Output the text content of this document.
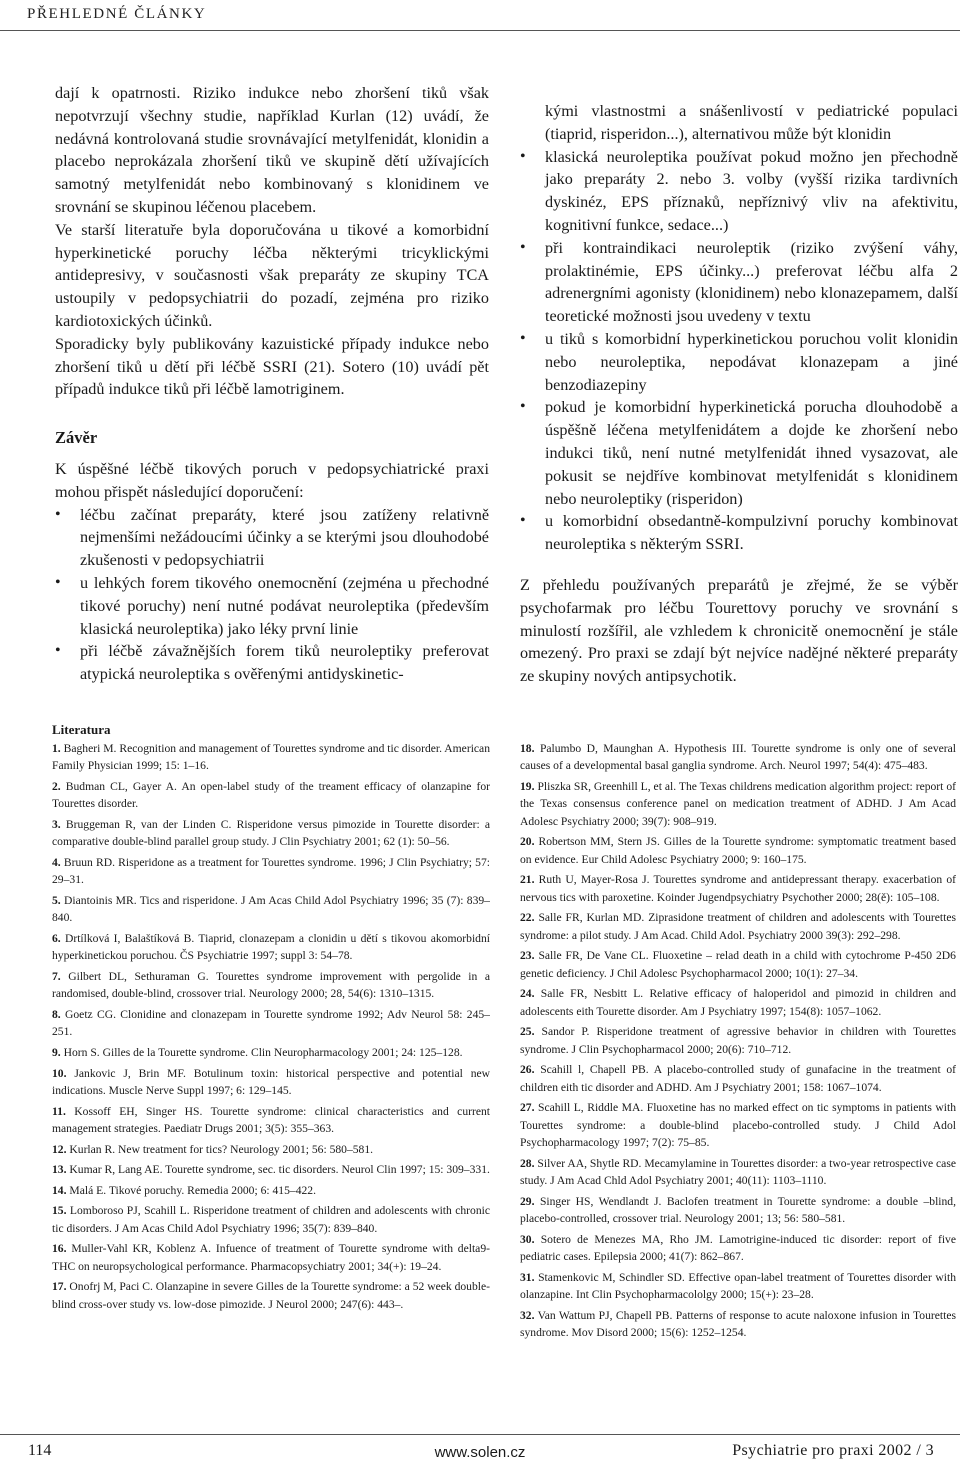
PŘEHLEDNÉ ČLÁNKY

dají k opatrnosti. Riziko indukce nebo zhoršení tiků však nepotvrzují všechny studie, například Kurlan (12) uvádí, že nedávná kontrolovaná studie srovnávající metylfenidát, klonidin a placebo neprokázala zhoršení tiků ve skupině dětí užívajících samotný metylfenidát nebo kombinovaný s klonidinem ve srovnání se skupinou léčenou placebem.

Ve starší literatuře byla doporučována u tikové a komorbidní hyperkinetické poruchy léčba některými tricyklickými antidepresivy, v současnosti však preparáty ze skupiny TCA ustoupily v pedopsychiatrii do pozadí, zejména pro riziko kardiotoxických účinků.

Sporadicky byly publikovány kazuistické případy indukce nebo zhoršení tiků u dětí při léčbě SSRI (21). Sotero (10) uvádí pět případů indukce tiků při léčbě lamotriginem.

Závěr

K úspěšné léčbě tikových poruch v pedopsychiatrické praxi mohou přispět následující doporučení:

• léčbu začínat preparáty, které jsou zatíženy relativně nejmenšími nežádoucími účinky a se kterými jsou dlouhodobé zkušenosti v pedopsychiatrii
• u lehkých forem tikového onemocnění (zejména u přechodné tikové poruchy) není nutné podávat neuroleptika (především klasická neuroleptika) jako léky první linie
• při léčbě závažnějších forem tiků neuroleptiky preferovat atypická neuroleptika s ověřenými antidyskinetic-

kými vlastnostmi a snášenlivostí v pediatrické populaci (tiaprid, risperidon...), alternativou může být klonidin

• klasická neuroleptika používat pokud možno jen přechodně jako preparáty 2. nebo 3. volby (vyšší rizika tardivních dyskinéz, EPS příznaků, nepříznivý vliv na afektivitu, kognitivní funkce, sedace...)
• při kontraindikaci neuroleptik (riziko zvýšení váhy, prolaktinémie, EPS účinky...) preferovat léčbu alfa 2 adrenergními agonisty (klonidinem) nebo klonazepamem, další teoretické možnosti jsou uvedeny v textu
• u tiků s komorbidní hyperkinetickou poruchou volit klonidin nebo neuroleptika, nepodávat klonazepam a jiné benzodiazepiny
• pokud je komorbidní hyperkinetická porucha dlouhodobě a úspěšně léčena metylfenidátem a dojde ke zhoršení nebo indukci tiků, není nutné metylfenidát ihned vysazovat, ale pokusit se nejdříve kombinovat metylfenidát s klonidinem nebo neuroleptiky (risperidon)
• u komorbidní obsedantně-kompulzivní poruchy kombinovat neuroleptika s některým SSRI.

Z přehledu používaných preparátů je zřejmé, že se výběr psychofarmak pro léčbu Tourettovy poruchy ve srovnání s minulostí rozšířil, ale vzhledem k chronicitě onemocnění je stále omezený. Pro praxi se zdají být nejvíce nadějné některé preparáty ze skupiny nových antipsychotik.

Literatura

1. Bagheri M. Recognition and management of Tourettes syndrome and tic disorder. American Family Physician 1999; 15: 1–16.

2. Budman CL, Gayer A. An open-label study of the treament efficacy of olanzapine for Tourettes disorder.

3. Bruggeman R, van der Linden C. Risperidone versus pimozide in Tourette disorder: a comparative double-blind parallel group study. J Clin Psychiatry 2001; 62 (1): 50–56.

4. Bruun RD. Risperidone as a treatment for Tourettes syndrome. 1996; J Clin Psychiatry; 57: 29–31.

5. Diantoinis MR. Tics and risperidone. J Am Acas Child Adol Psychiatry 1996; 35 (7): 839–840.

6. Drtílková I, Balaštíková B. Tiaprid, clonazepam a clonidin u dětí s tikovou akomorbidní hyperkinetickou poruchou. ČS Psychiatrie 1997; suppl 3: 54–78.

7. Gilbert DL, Sethuraman G. Tourettes syndrome improvement with pergolide in a randomised, double-blind, crossover trial. Neurology 2000; 28, 54(6): 1310–1315.

8. Goetz CG. Clonidine and clonazepam in Tourette syndrome 1992; Adv Neurol 58: 245–251.

9. Horn S. Gilles de la Tourette syndrome. Clin Neuropharmacology 2001; 24: 125–128.

10. Jankovic J, Brin MF. Botulinum toxin: historical perspective and potential new indications. Muscle Nerve Suppl 1997; 6: 129–145.

11. Kossoff EH, Singer HS. Tourette syndrome: clinical characteristics and current management strategies. Paediatr Drugs 2001; 3(5): 355–363.

12. Kurlan R. New treatment for tics? Neurology 2001; 56: 580–581.

13. Kumar R, Lang AE. Tourette syndrome, sec. tic disorders. Neurol Clin 1997; 15: 309–331.

14. Malá E. Tikové poruchy. Remedia 2000; 6: 415–422.

15. Lomboroso PJ, Scahill L. Risperidone treatment of children and adolescents with chronic tic disorders. J Am Acas Child Adol Psychiatry 1996; 35(7): 839–840.

16. Muller-Vahl KR, Koblenz A. Infuence of treatment of Tourette syndrome with delta9-THC on neuropsychological performance. Pharmacopsychiatry 2001; 34(+): 19–24.

17. Onofrj M, Paci C. Olanzapine in severe Gilles de la Tourette syndrome: a 52 week double-blind cross-over study vs. low-dose pimozide. J Neurol 2000; 247(6): 443–.

18. Palumbo D, Maunghan A. Hypothesis III. Tourette syndrome is only one of several causes of a developmental basal ganglia syndrome. Arch. Neurol 1997; 54(4): 475–483.

19. Pliszka SR, Greenhill L, et al. The Texas childrens medication algorithm project: report of the Texas consensus conference panel on medication treatment of ADHD. J Am Acad Adolesc Psychiatry 2000; 39(7): 908–919.

20. Robertson MM, Stern JS. Gilles de la Tourette syndrome: symptomatic treatment based on evidence. Eur Child Adolesc Psychiatry 2000; 9: 160–175.

21. Ruth U, Mayer-Rosa J. Tourettes syndrome and antidepressant therapy. exacerbation of nervous tics with paroxetine. Koinder Jugendpsychiatry Psychother 2000; 28(ě): 105–108.

22. Salle FR, Kurlan MD. Ziprasidone treatment of children and adolescents with Tourettes syndrome: a pilot study. J Am Acad. Child Adol. Psychiatry 2000 39(3): 292–298.

23. Salle FR, De Vane CL. Fluoxetine – relad death in a child with cytochrome P-450 2D6 genetic deficiency. J Chil Adolesc Psychopharmacol 2000; 10(1): 27–34.

24. Salle FR, Nesbitt L. Relative efficacy of haloperidol and pimozid in children and adolescents eith Tourette disorder. Am J Psychiatry 1997; 154(8): 1057–1062.

25. Sandor P. Risperidone treatment of agressive behavior in children with Tourettes syndrome. J Clin Psychopharmacol 2000; 20(6): 710–712.

26. Scahill l, Chapell PB. A placebo-controlled study of gunafacine in the treatment of children eith tic disorder and ADHD. Am J Psychiatry 2001; 158: 1067–1074.

27. Scahill L, Riddle MA. Fluoxetine has no marked effect on tic symptoms in patients with Tourettes syndrome: a double-blind placebo-controlled study. J Child Adol Psychopharmacology 1997; 7(2): 75–85.

28. Silver AA, Shytle RD. Mecamylamine in Tourettes disorder: a two-year retrospective case study. J Am Acad Chld Adol Psychiatry 2001; 40(11): 1103–1110.

29. Singer HS, Wendlandt J. Baclofen treatment in Tourette syndrome: a double –blind, placebo-controlled, crossover trial. Neurology 2001; 13; 56: 580–581.

30. Sotero de Menezes MA, Rho JM. Lamotrigine-induced tic disorder: report of five pediatric cases. Epilepsia 2000; 41(7): 862–867.

31. Stamenkovic M, Schindler SD. Effective opan-label treatment of Tourettes disorder with olanzapine. Int Clin Psychopharmacololgy 2000; 15(+): 23–28.

32. Van Wattum PJ, Chapell PB. Patterns of response to acute naloxone infusion in Tourettes syndrome. Mov Disord 2000; 15(6): 1252–1254.

114	www.solen.cz	Psychiatrie pro praxi 2002 / 3
